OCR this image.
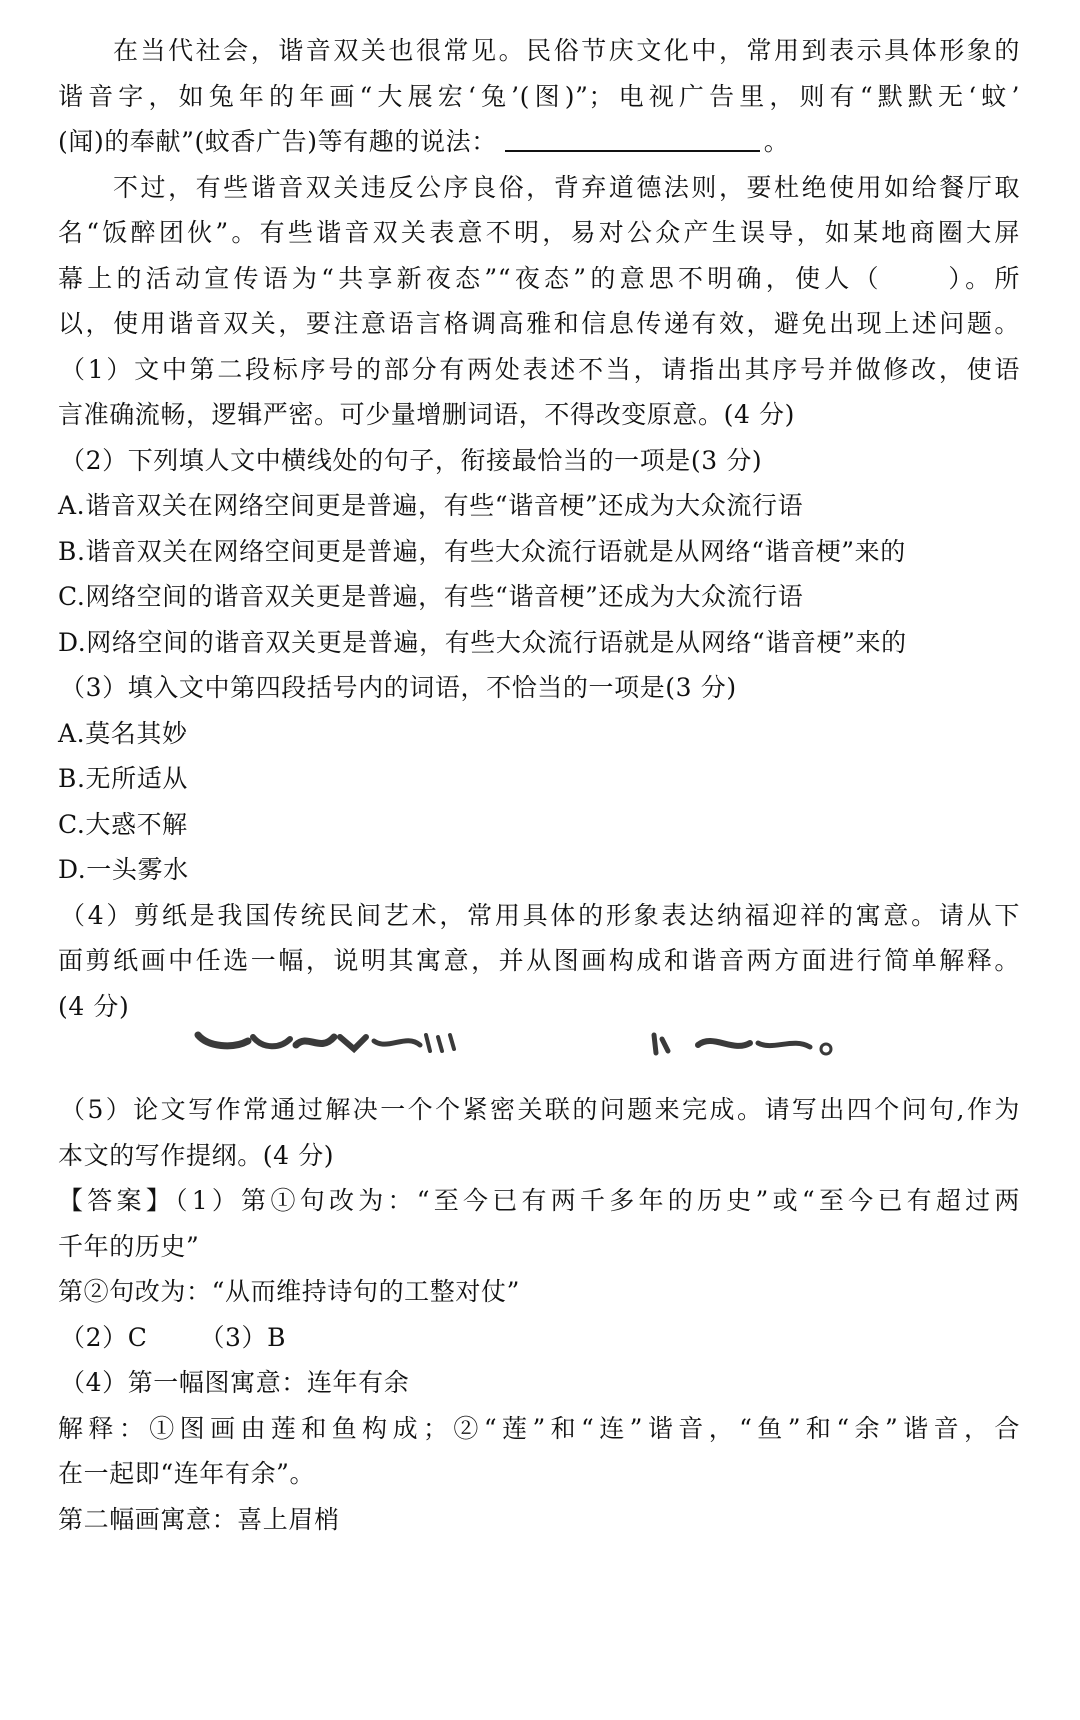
在当代社会，谐音双关也很常见。民俗节庆文化中，常用到表示具体形象的
谐音字，如兔年的年画“大展宏‘兔’(图)”；电视广告里，则有“默默无‘蚊’
(闻)的奉献”(蚊香广告)等有趣的说法：	。
不过，有些谐音双关违反公序良俗，背弃道德法则，要杜绝使用如给餐厅取
名“饭醉团伙”。有些谐音双关表意不明，易对公众产生误导，如某地商圈大屏
幕上的活动宣传语为“共享新夜态”“夜态”的意思不明确，使人（ ）。所
以，使用谐音双关，要注意语言格调高雅和信息传递有效，避免出现上述问题。
（1）文中第二段标序号的部分有两处表述不当，请指出其序号并做修改，使语
言准确流畅，逻辑严密。可少量增删词语，不得改变原意。(4 分)
（2）下列填人文中横线处的句子，衔接最恰当的一项是(3 分)
A.谐音双关在网络空间更是普遍，有些“谐音梗”还成为大众流行语
B.谐音双关在网络空间更是普遍，有些大众流行语就是从网络“谐音梗”来的
C.网络空间的谐音双关更是普遍，有些“谐音梗”还成为大众流行语
D.网络空间的谐音双关更是普遍，有些大众流行语就是从网络“谐音梗”来的
（3）填入文中第四段括号内的词语，不恰当的一项是(3 分)
A.莫名其妙
B.无所适从
C.大惑不解
D.一头雾水
（4）剪纸是我国传统民间艺术，常用具体的形象表达纳福迎祥的寓意。请从下
面剪纸画中任选一幅，说明其寓意，并从图画构成和谐音两方面进行简单解释。
(4 分)
（5）论文写作常通过解决一个个紧密关联的问题来完成。请写出四个问句,作为
本文的写作提纲。(4 分)
【答案】（1）第①句改为：“至今已有两千多年的历史”或“至今已有超过两
千年的历史”
第②句改为：“从而维持诗句的工整对仗”
（2）C （3）B
（4）第一幅图寓意：连年有余
解释：①图画由莲和鱼构成；②“莲”和“连”谐音，“鱼”和“余”谐音，合
在一起即“连年有余”。
第二幅画寓意：喜上眉梢
